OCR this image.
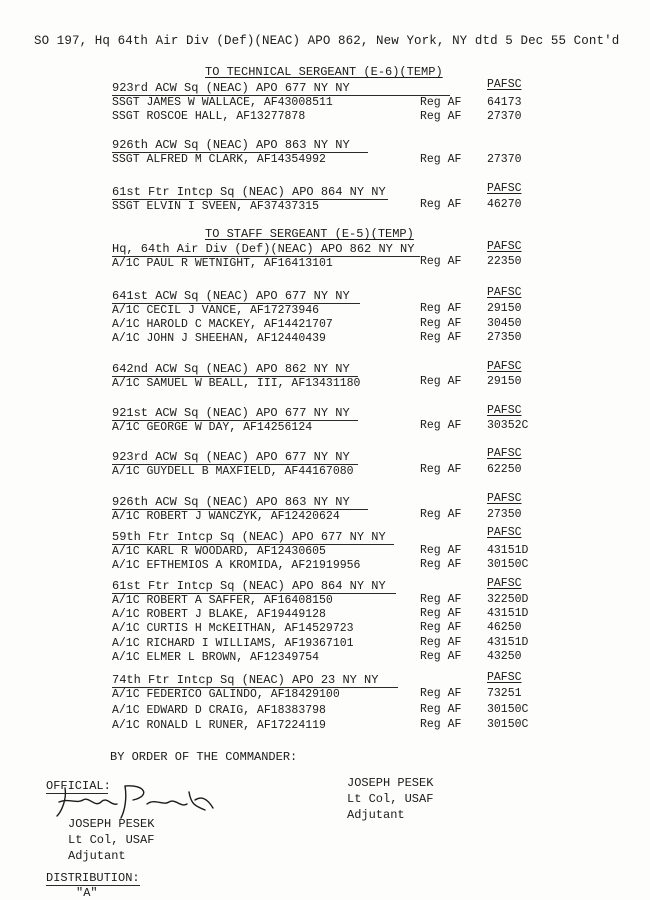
SO 197, Hq 64th Air Div (Def)(NEAC) APO 862, New York, NY dtd 5 Dec 55 Cont'd
TO TECHNICAL SERGEANT (E-6)(TEMP)
923rd ACW Sq (NEAC) APO 677 NY NY	PAFSC
SSGT JAMES W WALLACE, AF43008511	Reg AF 64173
SSGT ROSCOE HALL, AF13277878	Reg AF 27370
926th ACW Sq (NEAC) APO 863 NY NY
SSGT ALFRED M CLARK, AF14354992	Reg AF 27370
61st Ftr Intcp Sq (NEAC) APO 864 NY NY	PAFSC
SSGT ELVIN I SVEEN, AF37437315	Reg AF 46270
TO STAFF SERGEANT (E-5)(TEMP)
Hq, 64th Air Div (Def)(NEAC) APO 862 NY NY	PAFSC
A/1C PAUL R WETNIGHT, AF16413101	Reg AF 22350
641st ACW Sq (NEAC) APO 677 NY NY	PAFSC
A/1C CECIL J VANCE, AF17273946	Reg AF 29150
A/1C HAROLD C MACKEY, AF14421707	Reg AF 30450
A/1C JOHN J SHEEHAN, AF12440439	Reg AF 27350
642nd ACW Sq (NEAC) APO 862 NY NY	PAFSC
A/1C SAMUEL W BEALL, III, AF13431180	Reg AF 29150
921st ACW Sq (NEAC) APO 677 NY NY	PAFSC
A/1C GEORGE W DAY, AF14256124	Reg AF 30352C
923rd ACW Sq (NEAC) APO 677 NY NY	PAFSC
A/1C GUYDELL B MAXFIELD, AF44167080	Reg AF 62250
926th ACW Sq (NEAC) APO 863 NY NY	PAFSC
A/1C ROBERT J WANCZYK, AF12420624	Reg AF 27350
59th Ftr Intcp Sq (NEAC) APO 677 NY NY	PAFSC
A/1C KARL R WOODARD, AF12430605	Reg AF 43151D
A/1C EFTHEMIOS A KROMIDA, AF21919956	Reg AF 30150C
61st Ftr Intcp Sq (NEAC) APO 864 NY NY	PAFSC
A/1C ROBERT A SAFFER, AF16408150	Reg AF 32250D
A/1C ROBERT J BLAKE, AF19449128	Reg AF 43151D
A/1C CURTIS H McKEITHAN, AF14529723	Reg AF 46250
A/1C RICHARD I WILLIAMS, AF19367101	Reg AF 43151D
A/1C ELMER L BROWN, AF12349754	Reg AF 43250
74th Ftr Intcp Sq (NEAC) APO 23 NY NY	PAFSC
A/1C FEDERICO GALINDO, AF18429100	Reg AF 73251
A/1C EDWARD D CRAIG, AF18383798	Reg AF 30150C
A/1C RONALD L RUNER, AF17224119	Reg AF 30150C
BY ORDER OF THE COMMANDER:
JOSEPH PESEK
Lt Col, USAF
Adjutant
OFFICIAL:
JOSEPH PESEK
Lt Col, USAF
Adjutant
DISTRIBUTION:
"A"
